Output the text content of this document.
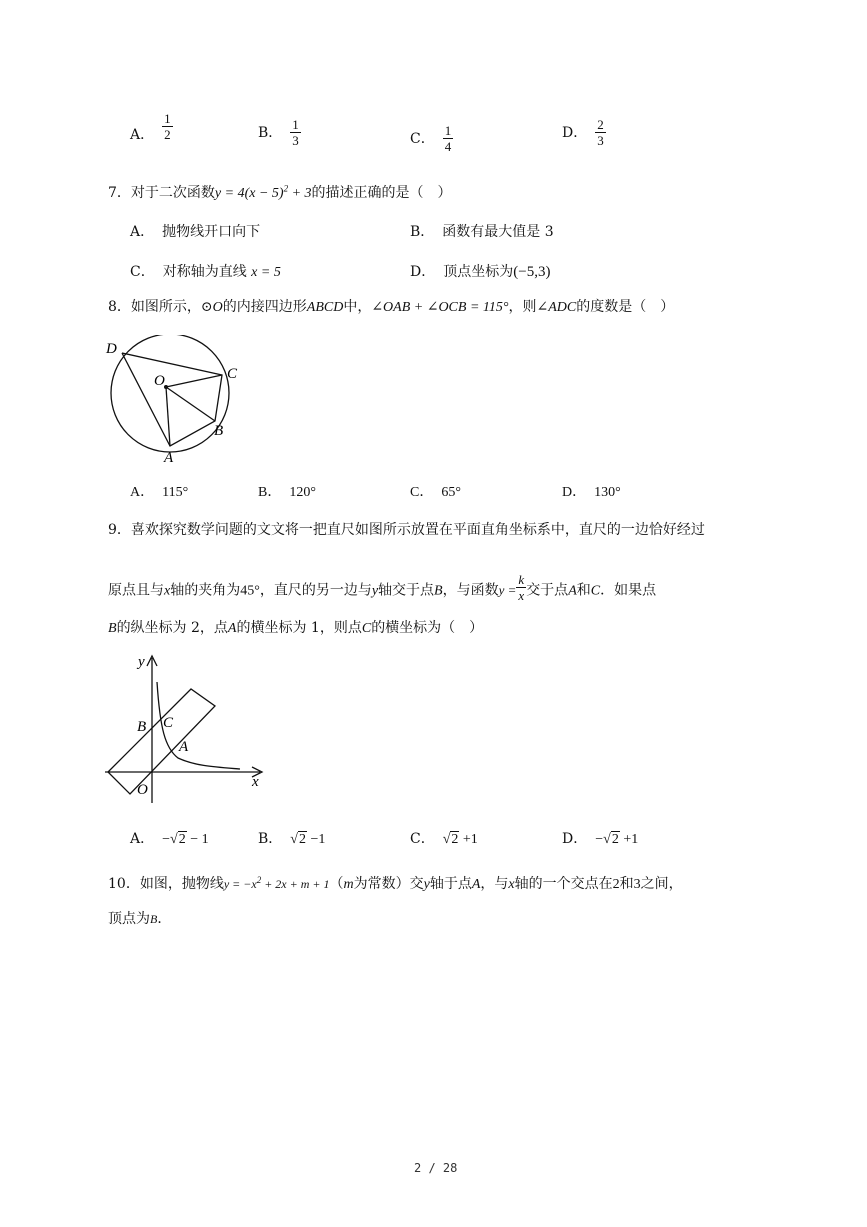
A． $\frac{1}{2}$	B． $\frac{1}{3}$	C． $\frac{1}{4}$	D． $\frac{2}{3}$
7．对于二次函数$y = 4(x - 5)^2 + 3$的描述正确的是（　）
A． 抛物线开口向下	B． 函数有最大值是 3
C． 对称轴为直线 x = 5	D． 顶点坐标为(−5,3)
8．如图所示，⊙O的内接四边形ABCD中，∠OAB + ∠OCB = 115°，则∠ADC的度数是（　）
D
C
O
B
A
A． 115°	B． 120°	C． 65°	D． 130°
9．喜欢探究数学问题的文文将一把直尺如图所示放置在平面直角坐标系中，直尺的一边恰好经过
原点且与x轴的夹角为45°，直尺的另一边与y轴交于点B，与函数$y = \frac{k}{x}$ 交于点A和C．如果点
B的纵坐标为 2，点A的横坐标为 1，则点C的横坐标为（　）
y
x
B C
A
O
A． −√2 − 1	B． √2 −1	C． √2 +1	D． −√2 +1
10．如图，抛物线$y = -x^2 + 2x + m + 1(m$为常数）交y轴于点A，与x轴的一个交点在2和3之间，
顶点为B．
2 / 28
